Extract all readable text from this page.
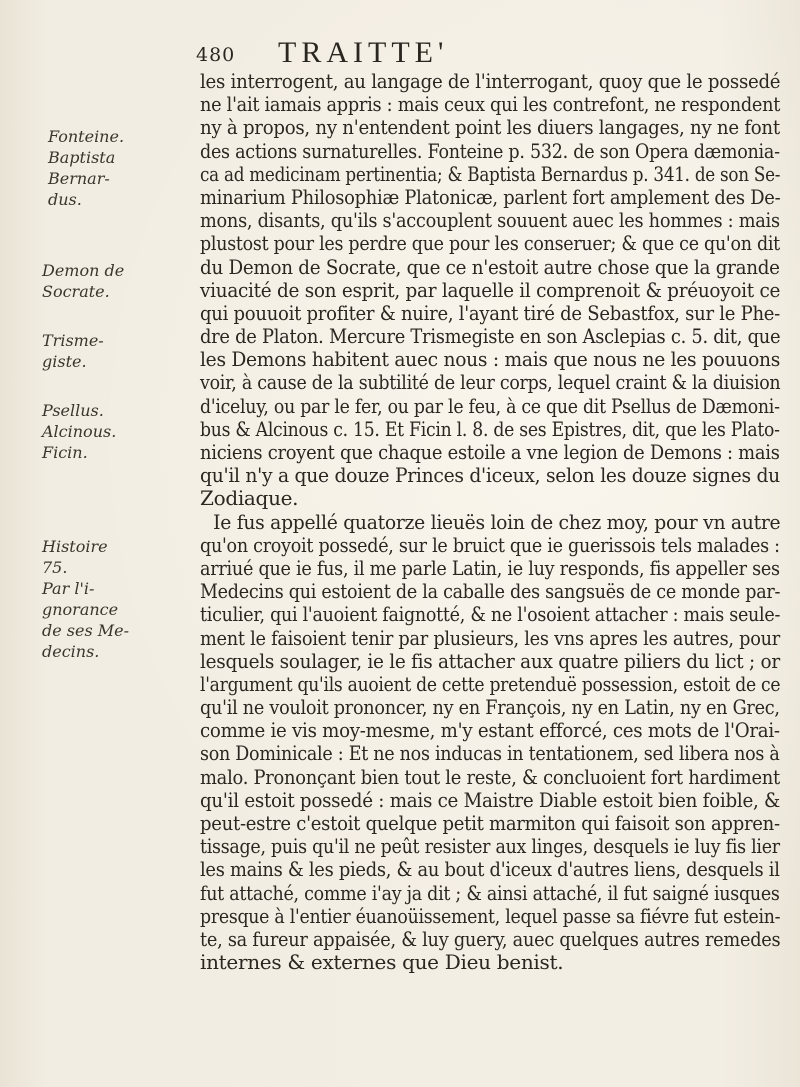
480 TRAITTE'
Fonteine.
Baptista
Bernar-
dus.
Demon de
Socrate.
Trisme-
giste.
Psellus.
Alcinous.
Ficin.
Histoire
75.
Par l'i-
gnorance
de ses Me-
decins.
les interrogent, au langage de l'interrogant, quoy que le possedé
ne l'ait iamais appris : mais ceux qui les contrefont, ne respondent
ny à propos, ny n'entendent point les diuers langages, ny ne font
des actions surnaturelles. Fonteine p. 532. de son Opera dæmonia-
ca ad medicinam pertinentia; & Baptista Bernardus p. 341. de son Se-
minarium Philosophiæ Platonicæ, parlent fort amplement des De-
mons, disants, qu'ils s'accouplent souuent auec les hommes : mais
plustost pour les perdre que pour les conseruer; & que ce qu'on dit
du Demon de Socrate, que ce n'estoit autre chose que la grande
viuacité de son esprit, par laquelle il comprenoit & préuoyoit ce
qui pouuoit profiter & nuire, l'ayant tiré de Sebastfox, sur le Phe-
dre de Platon. Mercure Trismegiste en son Asclepias c. 5. dit, que
les Demons habitent auec nous : mais que nous ne les pouuons
voir, à cause de la subtilité de leur corps, lequel craint & la diuision
d'iceluy, ou par le fer, ou par le feu, à ce que dit Psellus de Dæmoni-
bus & Alcinous c. 15. Et Ficin l. 8. de ses Epistres, dit, que les Plato-
niciens croyent que chaque estoile a vne legion de Demons : mais
qu'il n'y a que douze Princes d'iceux, selon les douze signes du
Zodiaque.
Ie fus appellé quatorze lieuës loin de chez moy, pour vn autre
qu'on croyoit possedé, sur le bruict que ie guerissois tels malades :
arriué que ie fus, il me parle Latin, ie luy responds, fis appeller ses
Medecins qui estoient de la caballe des sangsuës de ce monde par-
ticulier, qui l'auoient faignotté, & ne l'osoient attacher : mais seule-
ment le faisoient tenir par plusieurs, les vns apres les autres, pour
lesquels soulager, ie le fis attacher aux quatre piliers du lict ; or
l'argument qu'ils auoient de cette pretenduë possession, estoit de ce
qu'il ne vouloit prononcer, ny en François, ny en Latin, ny en Grec,
comme ie vis moy-mesme, m'y estant efforcé, ces mots de l'Orai-
son Dominicale : Et ne nos inducas in tentationem, sed libera nos à
malo. Prononçant bien tout le reste, & concluoient fort hardiment
qu'il estoit possedé : mais ce Maistre Diable estoit bien foible, &
peut-estre c'estoit quelque petit marmiton qui faisoit son appren-
tissage, puis qu'il ne peût resister aux linges, desquels ie luy fis lier
les mains & les pieds, & au bout d'iceux d'autres liens, desquels il
fut attaché, comme i'ay ja dit ; & ainsi attaché, il fut saigné iusques
presque à l'entier éuanoüissement, lequel passe sa fiévre fut estein-
te, sa fureur appaisée, & luy guery, auec quelques autres remedes
internes & externes que Dieu benist.
